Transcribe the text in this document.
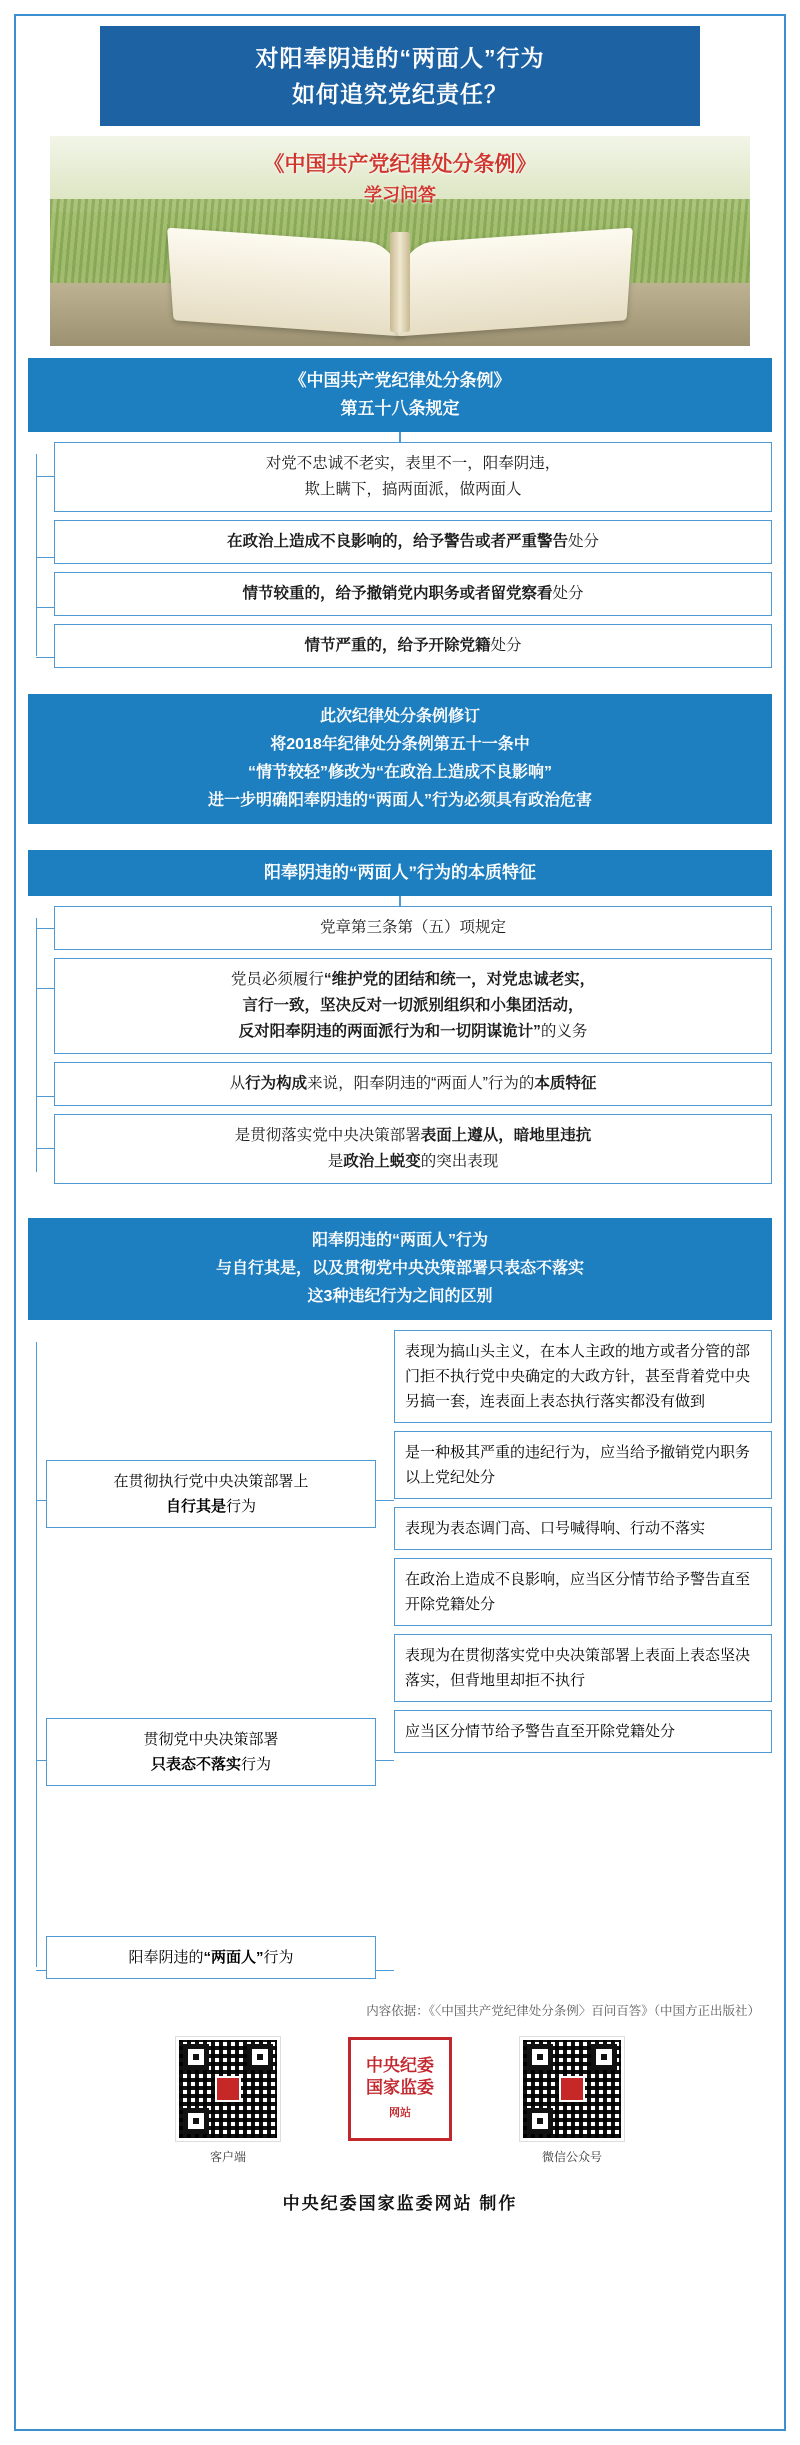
对阳奉阴违的“两面人”行为
如何追究党纪责任？
《中国共产党纪律处分条例》
学习问答
《中国共产党纪律处分条例》
第五十八条规定
对党不忠诚不老实，表里不一，阳奉阴违，
欺上瞒下，搞两面派，做两面人
在政治上造成不良影响的，给予警告或者严重警告处分
情节较重的，给予撤销党内职务或者留党察看处分
情节严重的，给予开除党籍处分
此次纪律处分条例修订
将2018年纪律处分条例第五十一条中
“情节较轻”修改为“在政治上造成不良影响”
进一步明确阳奉阴违的“两面人”行为必须具有政治危害
阳奉阴违的“两面人”行为的本质特征
党章第三条第（五）项规定
党员必须履行“维护党的团结和统一，对党忠诚老实，
言行一致，坚决反对一切派别组织和小集团活动，
反对阳奉阴违的两面派行为和一切阴谋诡计”的义务
从行为构成来说，阳奉阴违的“两面人”行为的本质特征
是贯彻落实党中央决策部署表面上遵从，暗地里违抗
是政治上蜕变的突出表现
阳奉阴违的“两面人”行为
与自行其是，以及贯彻党中央决策部署只表态不落实
这3种违纪行为之间的区别
在贯彻执行党中央决策部署上
自行其是行为
贯彻党中央决策部署
只表态不落实行为
阳奉阴违的“两面人”行为
表现为搞山头主义，在本人主政的地方或者分管的部门拒不执行党中央确定的大政方针，甚至背着党中央另搞一套，连表面上表态执行落实都没有做到
是一种极其严重的违纪行为，应当给予撤销党内职务以上党纪处分
表现为表态调门高、口号喊得响、行动不落实
在政治上造成不良影响，应当区分情节给予警告直至开除党籍处分
表现为在贯彻落实党中央决策部署上表面上表态坚决落实，但背地里却拒不执行
应当区分情节给予警告直至开除党籍处分
内容依据：《〈中国共产党纪律处分条例〉百问百答》（中国方正出版社）
客户端
中央纪委
国家监委
网站
微信公众号
中央纪委国家监委网站 制作
